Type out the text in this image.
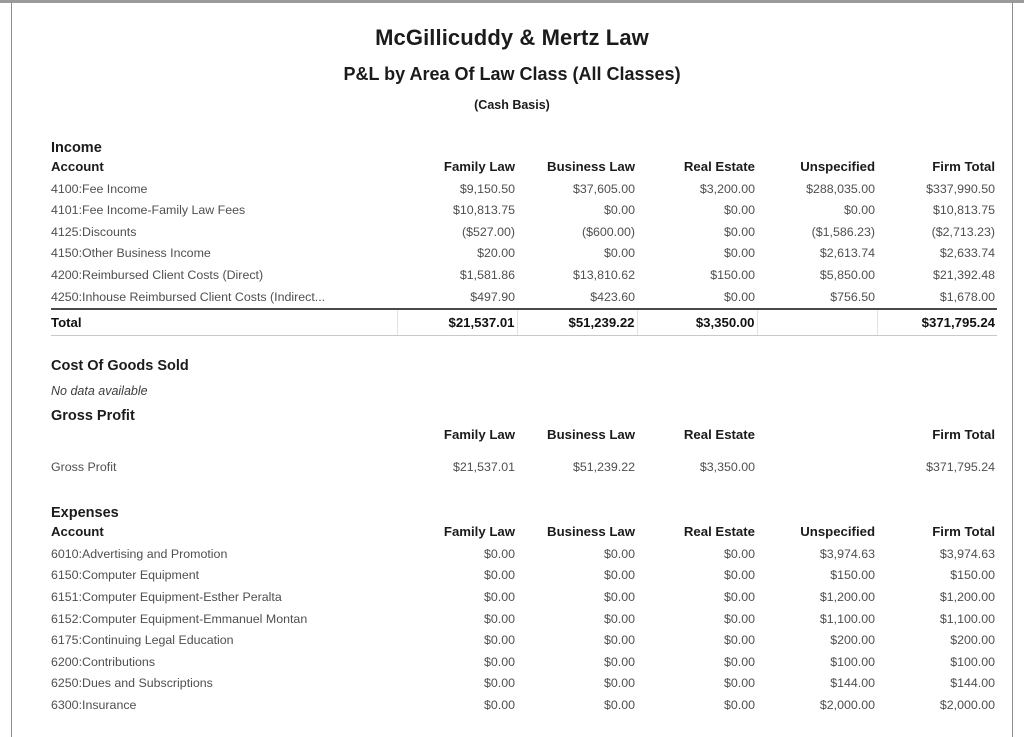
McGillicuddy & Mertz Law
P&L by Area Of Law Class (All Classes)
(Cash Basis)
Income
Account	Family Law	Business Law	Real Estate	Unspecified	Firm Total
4100:Fee Income	$9,150.50	$37,605.00	$3,200.00	$288,035.00	$337,990.50
4101:Fee Income-Family Law Fees	$10,813.75	$0.00	$0.00	$0.00	$10,813.75
4125:Discounts	($527.00)	($600.00)	$0.00	($1,586.23)	($2,713.23)
4150:Other Business Income	$20.00	$0.00	$0.00	$2,613.74	$2,633.74
4200:Reimbursed Client Costs (Direct)	$1,581.86	$13,810.62	$150.00	$5,850.00	$21,392.48
4250:Inhouse Reimbursed Client Costs (Indirect...	$497.90	$423.60	$0.00	$756.50	$1,678.00
Total	$21,537.01	$51,239.22	$3,350.00		$371,795.24
Cost Of Goods Sold
No data available
Gross Profit
	Family Law	Business Law	Real Estate		Firm Total

Gross Profit	$21,537.01	$51,239.22	$3,350.00		$371,795.24
Expenses
Account	Family Law	Business Law	Real Estate	Unspecified	Firm Total
6010:Advertising and Promotion	$0.00	$0.00	$0.00	$3,974.63	$3,974.63
6150:Computer Equipment	$0.00	$0.00	$0.00	$150.00	$150.00
6151:Computer Equipment-Esther Peralta	$0.00	$0.00	$0.00	$1,200.00	$1,200.00
6152:Computer Equipment-Emmanuel Montan	$0.00	$0.00	$0.00	$1,100.00	$1,100.00
6175:Continuing Legal Education	$0.00	$0.00	$0.00	$200.00	$200.00
6200:Contributions	$0.00	$0.00	$0.00	$100.00	$100.00
6250:Dues and Subscriptions	$0.00	$0.00	$0.00	$144.00	$144.00
6300:Insurance	$0.00	$0.00	$0.00	$2,000.00	$2,000.00
